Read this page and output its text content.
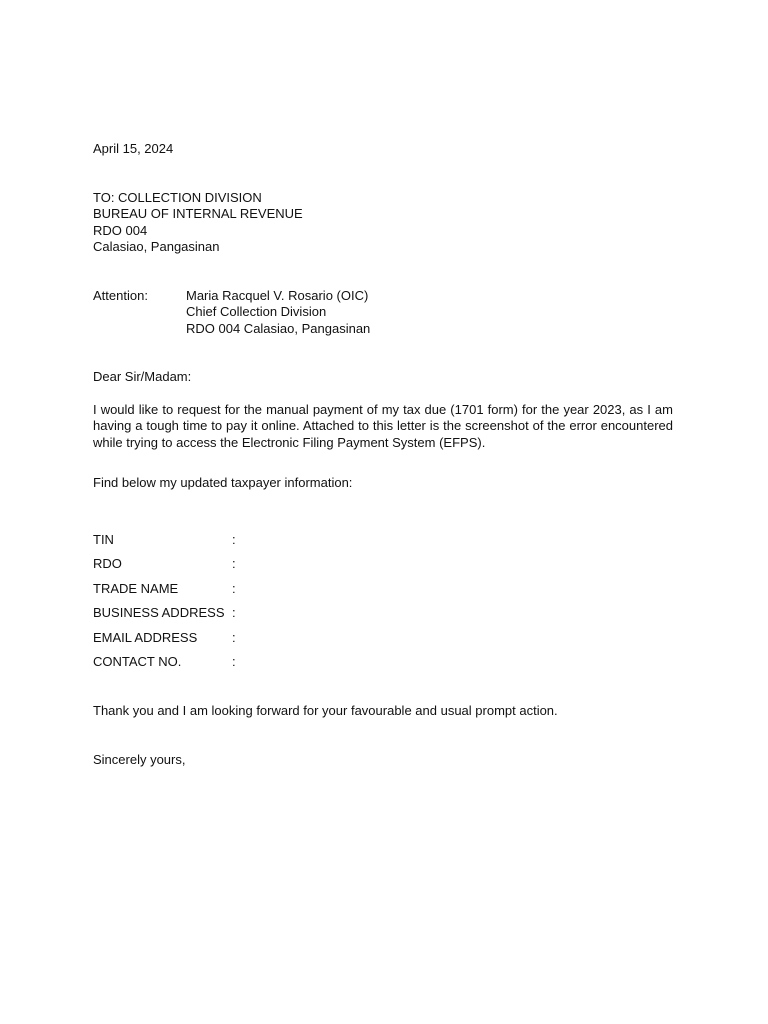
April 15, 2024
TO: COLLECTION DIVISION
BUREAU OF INTERNAL REVENUE
RDO 004
Calasiao, Pangasinan
Attention:	Maria Racquel V. Rosario (OIC)
Chief Collection Division
RDO 004 Calasiao, Pangasinan
Dear Sir/Madam:
I would like to request for the manual payment of my tax due (1701 form) for the year 2023, as I am having a tough time to pay it online. Attached to this letter is the screenshot of the error encountered while trying to access the Electronic Filing Payment System (EFPS).
Find below my updated taxpayer information:
TIN	:
RDO	:
TRADE NAME	:
BUSINESS ADDRESS :
EMAIL ADDRESS	:
CONTACT NO.	:
Thank you and I am looking forward for your favourable and usual prompt action.
Sincerely yours,
